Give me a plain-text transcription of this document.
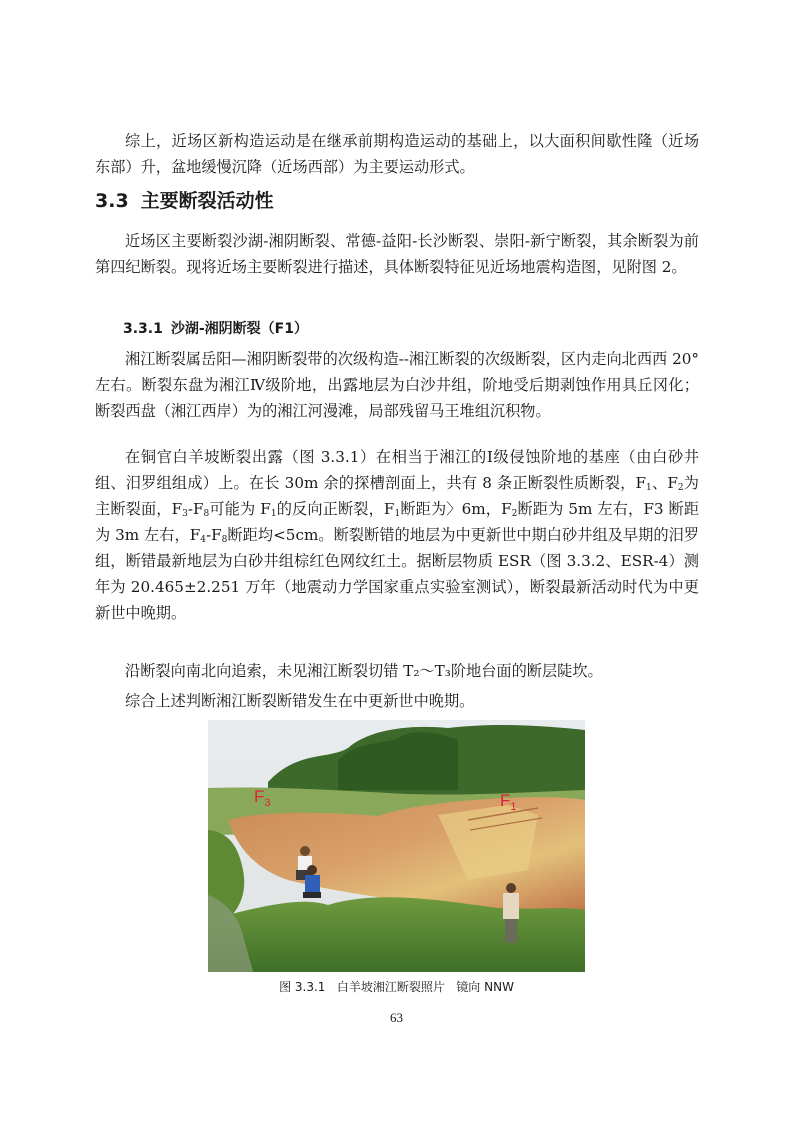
综上，近场区新构造运动是在继承前期构造运动的基础上，以大面积间歇性隆（近场东部）升，盆地缓慢沉降（近场西部）为主要运动形式。

3.3 主要断裂活动性

近场区主要断裂沙湖-湘阴断裂、常德-益阳-长沙断裂、崇阳-新宁断裂，其余断裂为前第四纪断裂。现将近场主要断裂进行描述，具体断裂特征见近场地震构造图，见附图 2。

3.3.1 沙湖-湘阴断裂（F1）

湘江断裂属岳阳—湘阴断裂带的次级构造--湘江断裂的次级断裂，区内走向北西西 20° 左右。断裂东盘为湘江Ⅳ级阶地，出露地层为白沙井组，阶地受后期剥蚀作用具丘冈化；断裂西盘（湘江西岸）为的湘江河漫滩，局部残留马王堆组沉积物。

在铜官白羊坡断裂出露（图 3.3.1）在相当于湘江的Ⅰ级侵蚀阶地的基座（由白砂井组、汨罗组组成）上。在长 30m 余的探槽剖面上，共有 8 条正断裂性质断裂，$F_1$、$F_2$为主断裂面，$F_3-F_8$可能为 $F_1$的反向正断裂，$F_1$断距为〉6m，$F_2$断距为 5m 左右，F3 断距为 3m 左右，$F_4-F_8$断距均<5cm。断裂断错的地层为中更新世中期白砂井组及早期的汨罗组，断错最新地层为白砂井组棕红色网纹红土。据断层物质 ESR（图 3.3.2、ESR-4）测年为 20.465±2.251 万年（地震动力学国家重点实验室测试），断裂最新活动时代为中更新世中晚期。

沿断裂向南北向追索，未见湘江断裂切错 T₂～T₃阶地台面的断层陡坎。

综合上述判断湘江断裂断错发生在中更新世中晚期。

$F_3$	$F_1$
图 3.3.1   白羊坡湘江断裂照片   镜向 NNW
63
